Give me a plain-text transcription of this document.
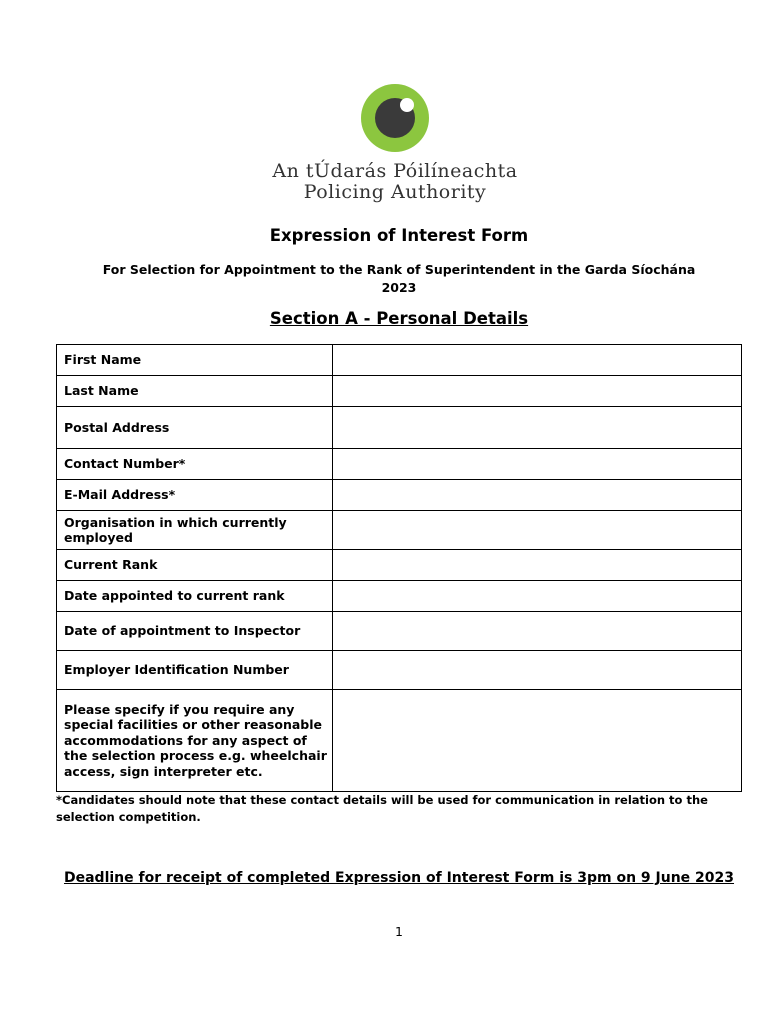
An tÚdarás Póilíneachta
Policing Authority
Expression of Interest Form
For Selection for Appointment to the Rank of Superintendent in the Garda Síochána
2023
Section A - Personal Details
First Name	
Last Name	
Postal Address	
Contact Number*	
E-Mail Address*	
Organisation in which currently employed	
Current Rank	
Date appointed to current rank	
Date of appointment to Inspector	
Employer Identification Number	
Please specify if you require any special facilities or other reasonable accommodations for any aspect of the selection process e.g. wheelchair access, sign interpreter etc.	
*Candidates should note that these contact details will be used for communication in relation to the selection competition.
Deadline for receipt of completed Expression of Interest Form is 3pm on 9 June 2023
1
